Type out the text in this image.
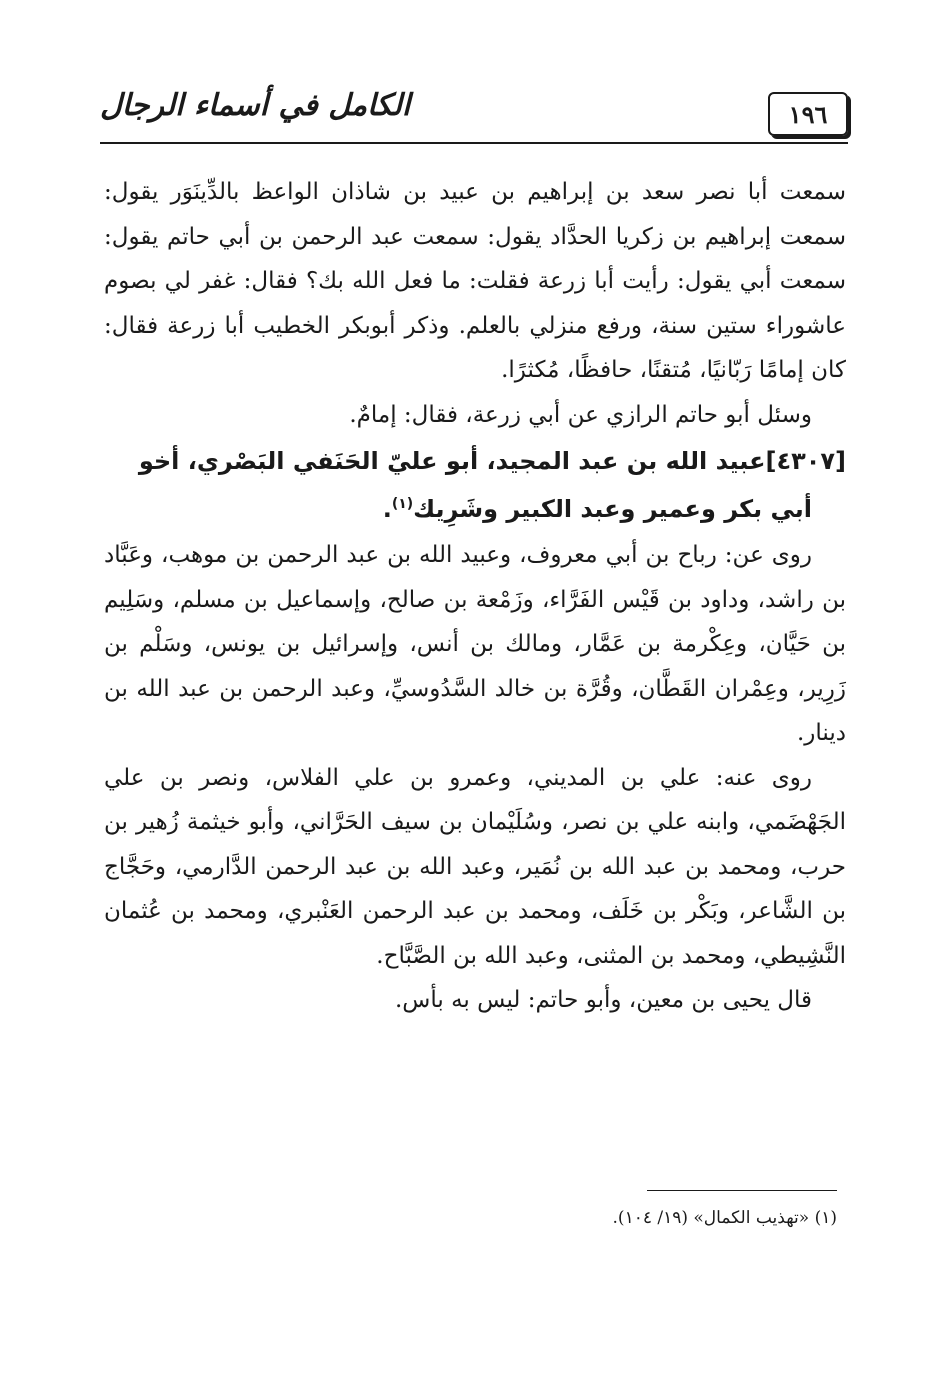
١٩٦
الكامل في أسماء الرجال

سمعت أبا نصر سعد بن إبراهيم بن عبيد بن شاذان الواعظ بالدِّينَوَر يقول: سمعت إبراهيم بن زكريا الحدَّاد يقول: سمعت عبد الرحمن بن أبي حاتم يقول: سمعت أبي يقول: رأيت أبا زرعة فقلت: ما فعل الله بك؟ فقال: غفر لي بصوم عاشوراء ستين سنة، ورفع منزلي بالعلم. وذكر أبوبكر الخطيب أبا زرعة فقال: كان إمامًا رَبّانيًا، مُتقنًا، حافظًا، مُكثرًا.

وسئل أبو حاتم الرازي عن أبي زرعة، فقال: إمامٌ.

[٤٣٠٧]عبيد الله بن عبد المجيد، أبو عليّ الحَنَفي البَصْري، أخو
أبي بكر وعمير وعبد الكبير وشَرِيك$^{(١)}$.

روى عن: رباح بن أبي معروف، وعبيد الله بن عبد الرحمن بن موهب، وعَبَّاد بن راشد، وداود بن قَيْس الفَرَّاء، وزَمْعة بن صالح، وإسماعيل بن مسلم، وسَلِيم بن حَيَّان، وعِكْرمة بن عَمَّار، ومالك بن أنس، وإسرائيل بن يونس، وسَلْم بن زَرِير، وعِمْران القَطَّان، وقُرَّة بن خالد السَّدُوسيِّ، وعبد الرحمن بن عبد الله بن دينار.

روى عنه: علي بن المديني، وعمرو بن علي الفلاس، ونصر بن علي الجَهْضَمي، وابنه علي بن نصر، وسُلَيْمان بن سيف الحَرَّاني، وأبو خيثمة زُهير بن حرب، ومحمد بن عبد الله بن نُمَير، وعبد الله بن عبد الرحمن الدَّارمي، وحَجَّاج بن الشَّاعر، وبَكْر بن خَلَف، ومحمد بن عبد الرحمن العَنْبري، ومحمد بن عُثمان النَّشِيطي، ومحمد بن المثنى، وعبد الله بن الصَّبَّاح.

قال يحيى بن معين، وأبو حاتم: ليس به بأس.

(١) «تهذيب الكمال» (١٩/ ١٠٤).
